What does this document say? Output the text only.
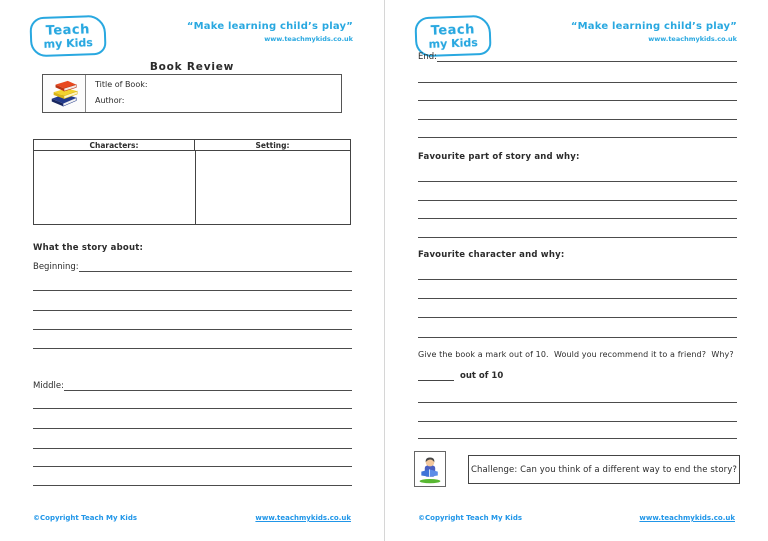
Teach
my Kids
“Make learning child’s play”
www.teachmykids.co.uk
Book Review
Title of Book:
Author:
Characters:	Setting:
What the story about:
Beginning:
Middle:
©Copyright Teach My Kids	www.teachmykids.co.uk
Teach
my Kids
“Make learning child’s play”
www.teachmykids.co.uk
End:
Favourite part of story and why:
Favourite character and why:
Give the book a mark out of 10.  Would you recommend it to a friend?  Why?
out of 10
Challenge: Can you think of a different way to end the story?
©Copyright Teach My Kids	www.teachmykids.co.uk
